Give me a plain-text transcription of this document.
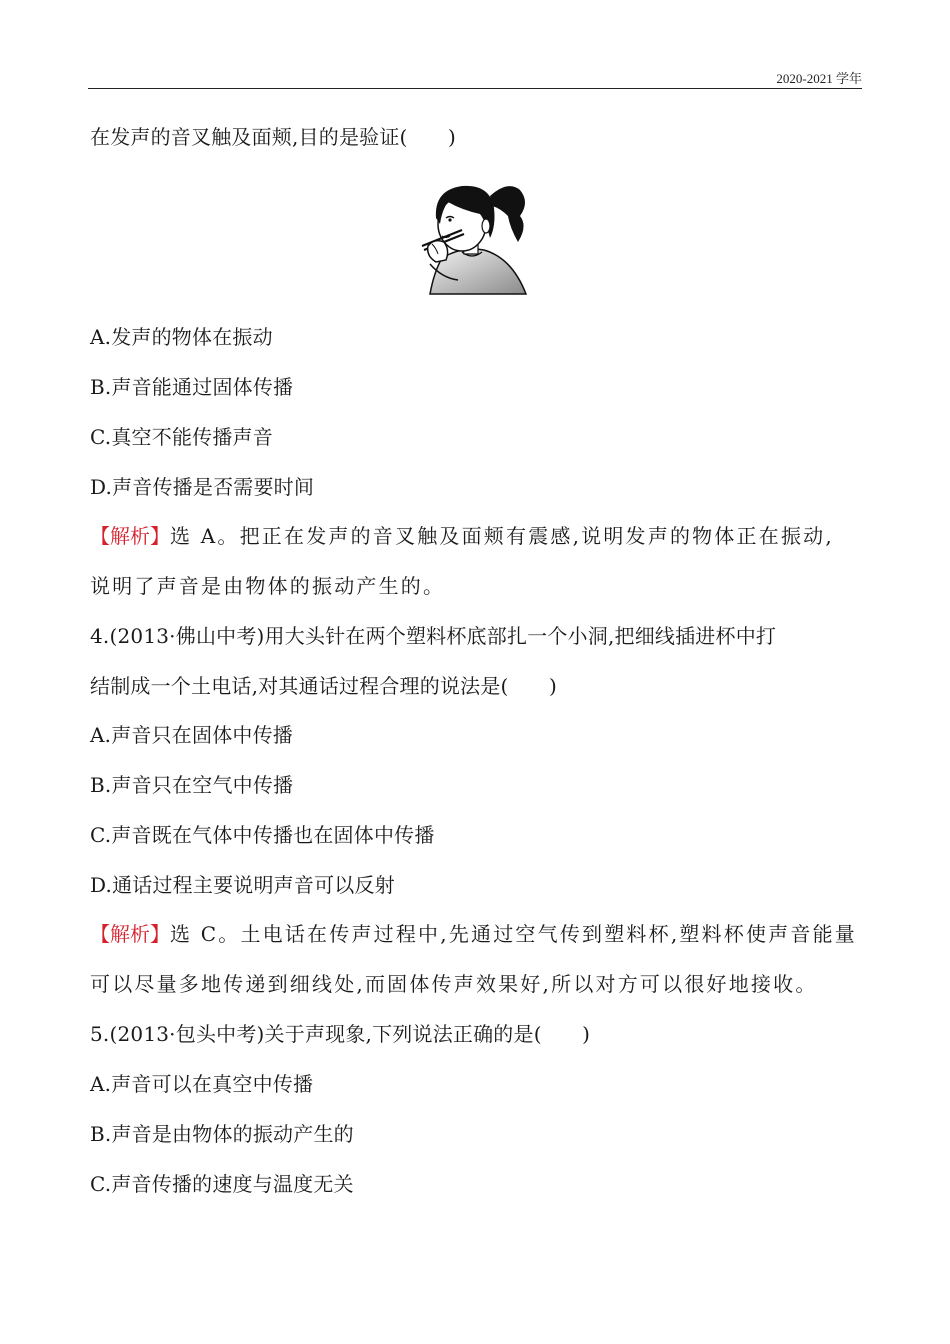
2020-2021 学年
在发声的音叉触及面颊,目的是验证(　　)
A.发声的物体在振动
B.声音能通过固体传播
C.真空不能传播声音
D.声音传播是否需要时间
【解析】选 A。把正在发声的音叉触及面颊有震感,说明发声的物体正在振动,
说明了声音是由物体的振动产生的。
4.(2013·佛山中考)用大头针在两个塑料杯底部扎一个小洞,把细线插进杯中打
结制成一个土电话,对其通话过程合理的说法是(　　)
A.声音只在固体中传播
B.声音只在空气中传播
C.声音既在气体中传播也在固体中传播
D.通话过程主要说明声音可以反射
【解析】选 C。土电话在传声过程中,先通过空气传到塑料杯,塑料杯使声音能量
可以尽量多地传递到细线处,而固体传声效果好,所以对方可以很好地接收。
5.(2013·包头中考)关于声现象,下列说法正确的是(　　)
A.声音可以在真空中传播
B.声音是由物体的振动产生的
C.声音传播的速度与温度无关
